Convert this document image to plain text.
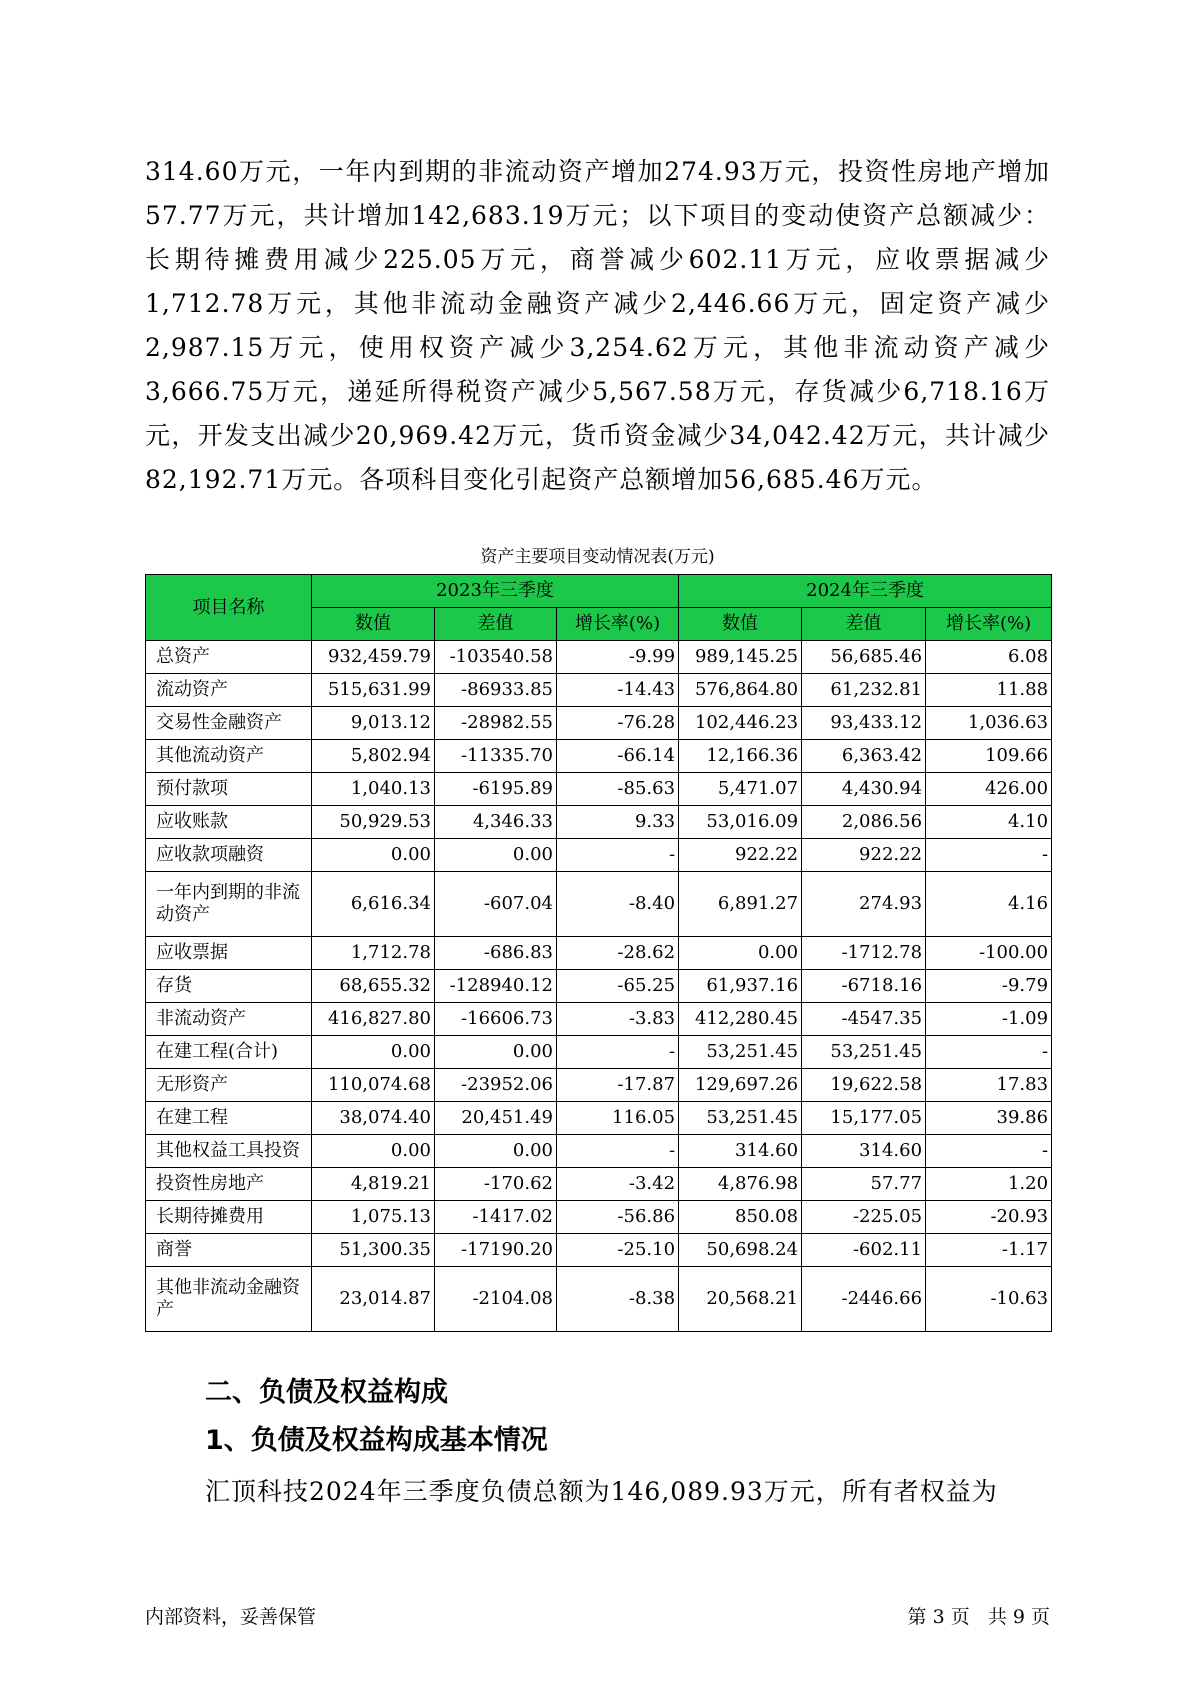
314.60万元，一年内到期的非流动资产增加274.93万元，投资性房地产增加57.77万元，共计增加142,683.19万元；以下项目的变动使资产总额减少：长期待摊费用减少225.05万元，商誉减少602.11万元，应收票据减少1,712.78万元，其他非流动金融资产减少2,446.66万元，固定资产减少2,987.15万元，使用权资产减少3,254.62万元，其他非流动资产减少3,666.75万元，递延所得税资产减少5,567.58万元，存货减少6,718.16万元，开发支出减少20,969.42万元，货币资金减少34,042.42万元，共计减少82,192.71万元。各项科目变化引起资产总额增加56,685.46万元。

资产主要项目变动情况表(万元)
项目名称	2023年三季度			2024年三季度		
	数值	差值	增长率(%)	数值	差值	增长率(%)
总资产	932,459.79	-103540.58	-9.99	989,145.25	56,685.46	6.08
流动资产	515,631.99	-86933.85	-14.43	576,864.80	61,232.81	11.88
交易性金融资产	9,013.12	-28982.55	-76.28	102,446.23	93,433.12	1,036.63
其他流动资产	5,802.94	-11335.70	-66.14	12,166.36	6,363.42	109.66
预付款项	1,040.13	-6195.89	-85.63	5,471.07	4,430.94	426.00
应收账款	50,929.53	4,346.33	9.33	53,016.09	2,086.56	4.10
应收款项融资	0.00	0.00	-	922.22	922.22	-
一年内到期的非流动资产	6,616.34	-607.04	-8.40	6,891.27	274.93	4.16
应收票据	1,712.78	-686.83	-28.62	0.00	-1712.78	-100.00
存货	68,655.32	-128940.12	-65.25	61,937.16	-6718.16	-9.79
非流动资产	416,827.80	-16606.73	-3.83	412,280.45	-4547.35	-1.09
在建工程(合计)	0.00	0.00	-	53,251.45	53,251.45	-
无形资产	110,074.68	-23952.06	-17.87	129,697.26	19,622.58	17.83
在建工程	38,074.40	20,451.49	116.05	53,251.45	15,177.05	39.86
其他权益工具投资	0.00	0.00	-	314.60	314.60	-
投资性房地产	4,819.21	-170.62	-3.42	4,876.98	57.77	1.20
长期待摊费用	1,075.13	-1417.02	-56.86	850.08	-225.05	-20.93
商誉	51,300.35	-17190.20	-25.10	50,698.24	-602.11	-1.17
其他非流动金融资产	23,014.87	-2104.08	-8.38	20,568.21	-2446.66	-10.63
二、负债及权益构成
1、负债及权益构成基本情况

汇顶科技2024年三季度负债总额为146,089.93万元，所有者权益为

内部资料，妥善保管	第 3 页   共 9 页
